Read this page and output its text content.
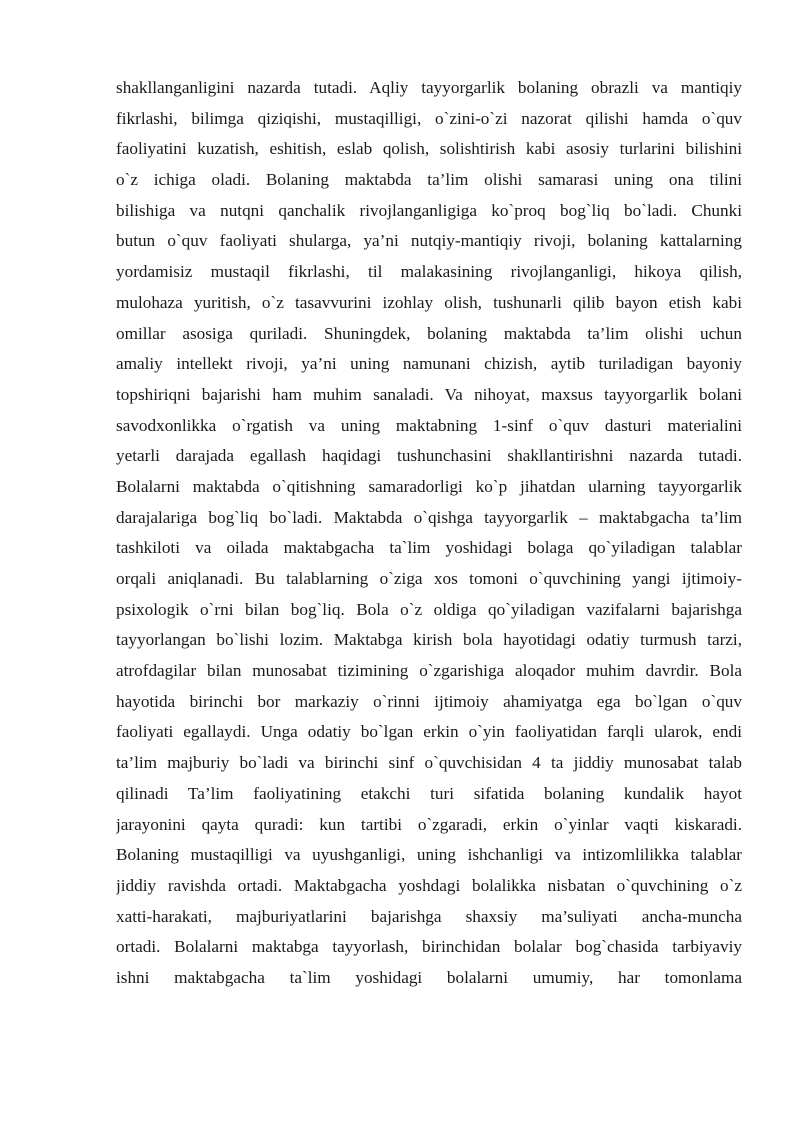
shakllanganligini nazarda tutadi. Aqliy tayyorgarlik bolaning obrazli va mantiqiy
fikrlashi, bilimga qiziqishi, mustaqilligi, o`zini-o`zi nazorat qilishi hamda o`quv
faoliyatini kuzatish, eshitish, eslab qolish, solishtirish kabi asosiy turlarini bilishini
o`z ichiga oladi. Bolaning maktabda ta’lim olishi samarasi uning ona tilini
bilishiga va nutqni qanchalik rivojlanganligiga ko`proq bog`liq bo`ladi. Chunki
butun o`quv faoliyati shularga, ya’ni nutqiy-mantiqiy rivoji, bolaning kattalarning
yordamisiz mustaqil fikrlashi, til malakasining rivojlanganligi, hikoya qilish,
mulohaza yuritish, o`z tasavvurini izohlay olish, tushunarli qilib bayon etish kabi
omillar asosiga quriladi. Shuningdek, bolaning maktabda ta’lim olishi uchun
amaliy intellekt rivoji, ya’ni uning namunani chizish, aytib turiladigan bayoniy
topshiriqni bajarishi ham muhim sanaladi. Va nihoyat, maxsus tayyorgarlik bolani
savodxonlikka o`rgatish va uning maktabning 1-sinf o`quv dasturi materialini
yetarli darajada egallash haqidagi tushunchasini shakllantirishni nazarda tutadi.
Bolalarni maktabda o`qitishning samaradorligi ko`p jihatdan ularning tayyorgarlik
darajalariga bog`liq bo`ladi. Maktabda o`qishga tayyorgarlik – maktabgacha ta’lim
tashkiloti va oilada maktabgacha ta`lim yoshidagi bolaga qo`yiladigan talablar
orqali aniqlanadi. Bu talablarning o`ziga xos tomoni o`quvchining yangi ijtimoiy-
psixologik o`rni bilan bog`liq. Bola o`z oldiga qo`yiladigan vazifalarni bajarishga
tayyorlangan bo`lishi lozim. Maktabga kirish bola hayotidagi odatiy turmush tarzi,
atrofdagilar bilan munosabat tizimining o`zgarishiga aloqador muhim davrdir. Bola
hayotida birinchi bor markaziy o`rinni ijtimoiy ahamiyatga ega bo`lgan o`quv
faoliyati egallaydi. Unga odatiy bo`lgan erkin o`yin faoliyatidan farqli ularok, endi
ta’lim majburiy bo`ladi va birinchi sinf o`quvchisidan 4 ta jiddiy munosabat talab
qilinadi Ta’lim faoliyatining etakchi turi sifatida bolaning kundalik hayot
jarayonini qayta quradi: kun tartibi o`zgaradi, erkin o`yinlar vaqti kiskaradi.
Bolaning mustaqilligi va uyushganligi, uning ishchanligi va intizomlilikka talablar
jiddiy ravishda ortadi. Maktabgacha yoshdagi bolalikka nisbatan o`quvchining o`z
xatti-harakati, majburiyatlarini bajarishga shaxsiy ma’suliyati ancha-muncha
ortadi. Bolalarni maktabga tayyorlash, birinchidan bolalar bog`chasida tarbiyaviy
ishni maktabgacha ta`lim yoshidagi bolalarni umumiy, har tomonlama
